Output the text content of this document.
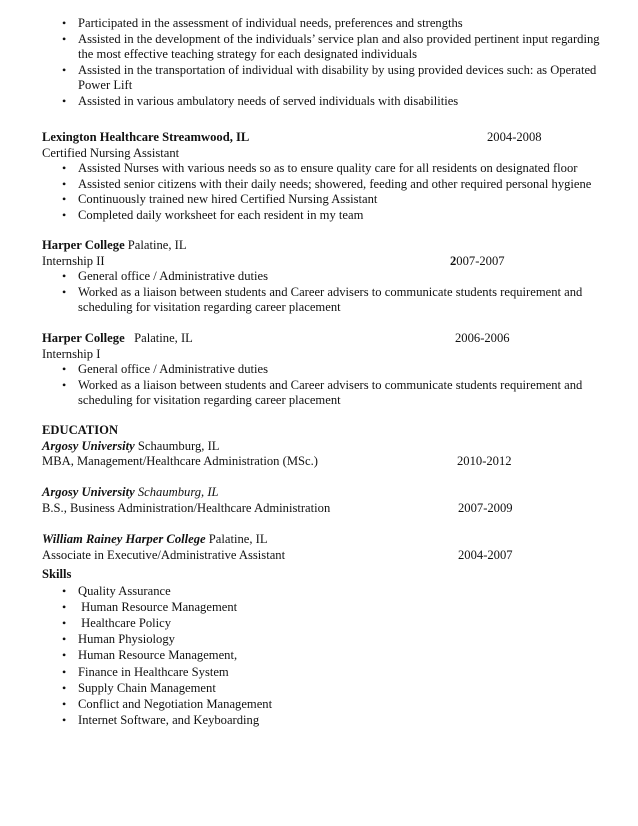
• Participated in the assessment of individual needs, preferences and strengths
• Assisted in the development of the individuals’ service plan and also provided pertinent input regarding the most effective teaching strategy for each designated individuals
• Assisted in the transportation of individual with disability by using provided devices such: as Operated Power Lift
• Assisted in various ambulatory needs of served individuals with disabilities
Lexington Healthcare Streamwood, IL	2004-2008
Certified Nursing Assistant
• Assisted Nurses with various needs so as to ensure quality care for all residents on designated floor
• Assisted senior citizens with their daily needs; showered, feeding and other required personal hygiene
• Continuously trained new hired Certified Nursing Assistant
• Completed daily worksheet for each resident in my team
Harper College Palatine, IL
Internship II	2007-2007
• General office / Administrative duties
• Worked as a liaison between students and Career advisers to communicate students requirement and scheduling for visitation regarding career placement
Harper College   Palatine, IL	2006-2006
Internship I
• General office / Administrative duties
• Worked as a liaison between students and Career advisers to communicate students requirement and scheduling for visitation regarding career placement
EDUCATION
Argosy University Schaumburg, IL
MBA, Management/Healthcare Administration (MSc.)	2010-2012
Argosy University Schaumburg, IL
B.S., Business Administration/Healthcare Administration	2007-2009
William Rainey Harper College Palatine, IL
Associate in Executive/Administrative Assistant	2004-2007
Skills
• Quality Assurance
•  Human Resource Management
•  Healthcare Policy
• Human Physiology
• Human Resource Management,
• Finance in Healthcare System
• Supply Chain Management
• Conflict and Negotiation Management
• Internet Software, and Keyboarding
